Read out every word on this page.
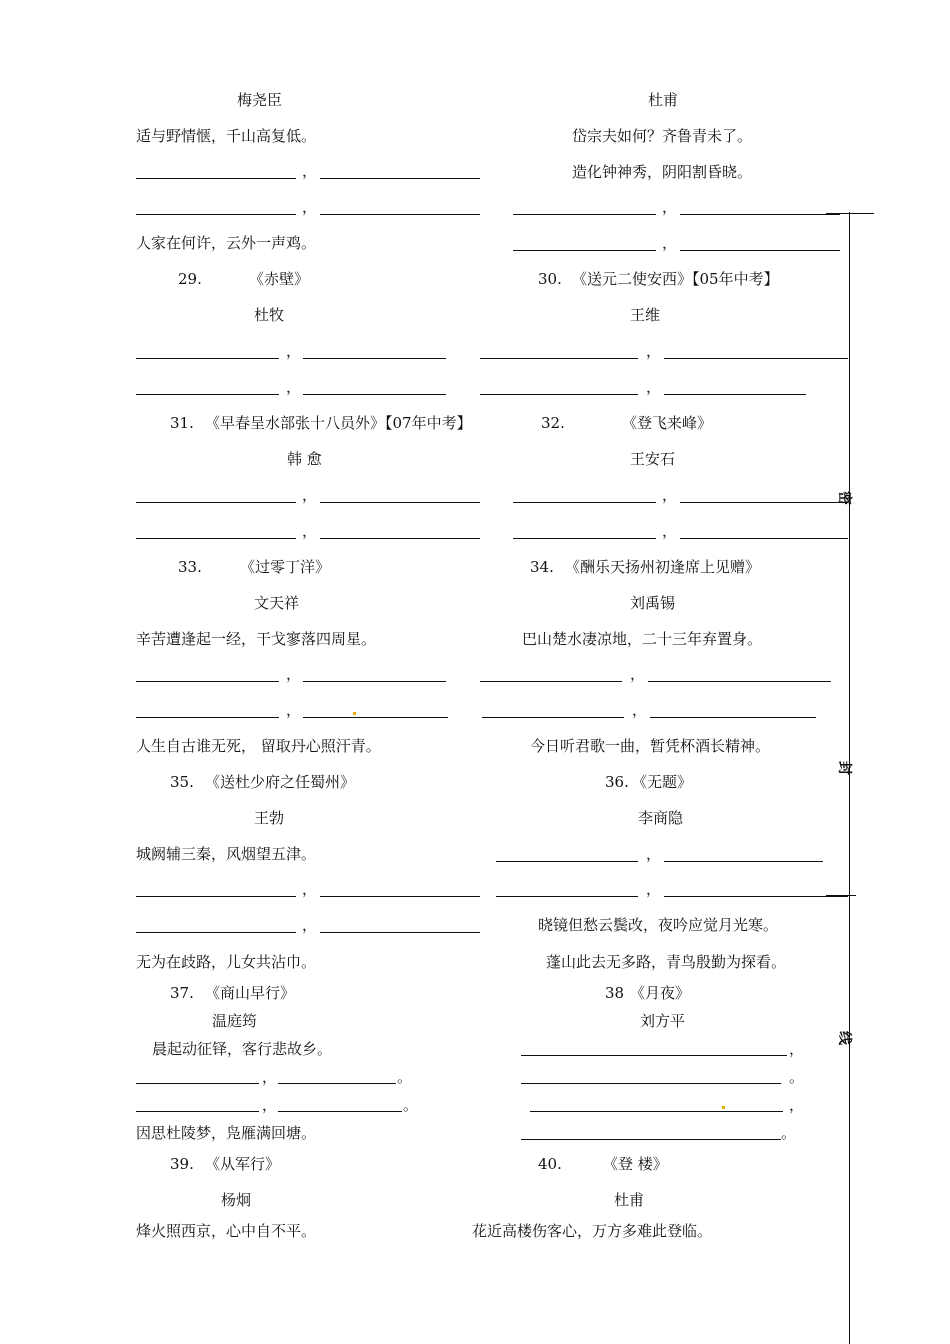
密
封
线
梅尧臣	杜甫
适与野情惬，千山高复低。	岱宗夫如何？齐鲁青未了。
造化钟神秀，阴阳割昏晓。
，
，	，
人家在何许，云外一声鸡。	，
29.	《赤壁》	30. 《送元二使安西》【05年中考】
杜牧	王维
，	，
，	，
31. 《早春呈水部张十八员外》【07年中考】	32.	《登飞来峰》
韩 愈	王安石
，	，
，	，
33.	《过零丁洋》	34. 《酬乐天扬州初逢席上见赠》
文天祥	刘禹锡
辛苦遭逢起一经，干戈寥落四周星。	巴山楚水凄凉地，二十三年弃置身。
，	，
，	，
人生自古谁无死， 留取丹心照汗青。	今日听君歌一曲，暂凭杯酒长精神。
35. 《送杜少府之任蜀州》	36. 《无题》
王勃	李商隐
城阙辅三秦，风烟望五津。	，
，	，
，	晓镜但愁云鬓改，夜吟应觉月光寒。
无为在歧路，儿女共沾巾。	蓬山此去无多路，青鸟殷勤为探看。
37. 《商山早行》	38 《月夜》
温庭筠	刘方平
晨起动征铎，客行悲故乡。	，
，	。	。
，	。	，
因思杜陵梦，凫雁满回塘。	。
39. 《从军行》	40.	《登 楼》
杨炯	杜甫
烽火照西京，心中自不平。	花近高楼伤客心，万方多难此登临。
